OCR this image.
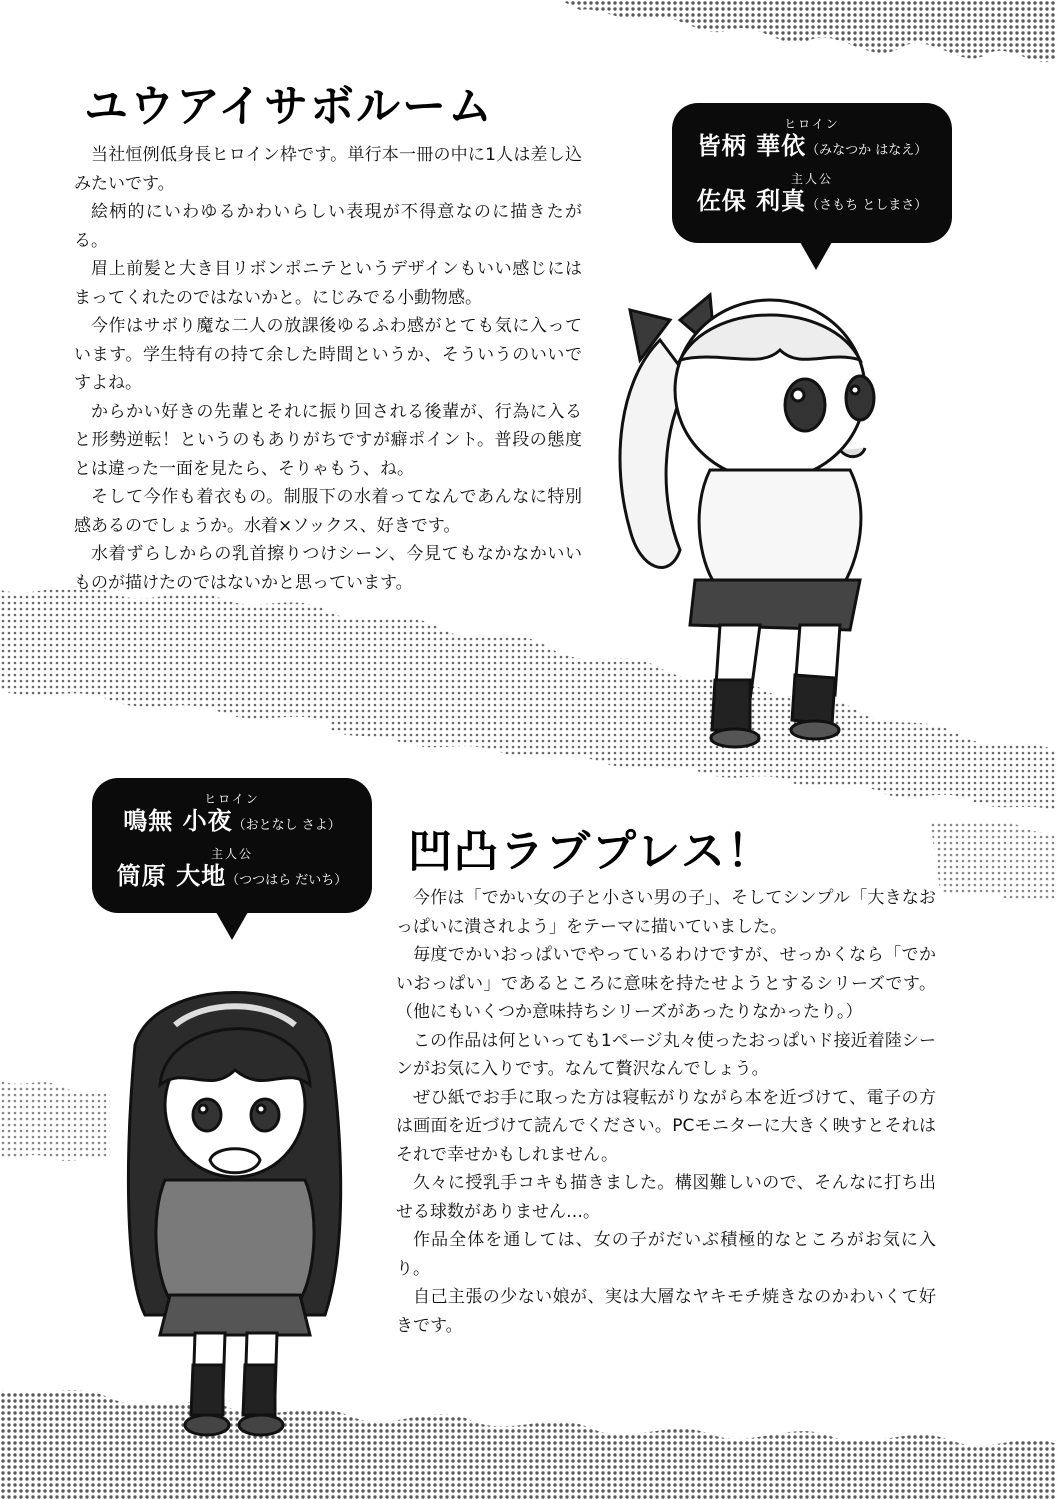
ユウアイサボルーム

当社恒例低身長ヒロイン枠です。単行本一冊の中に1人は差し込みたいです。

絵柄的にいわゆるかわいらしい表現が不得意なのに描きたがる。

眉上前髪と大き目リボンポニテというデザインもいい感じにはまってくれたのではないかと。にじみでる小動物感。

今作はサボり魔な二人の放課後ゆるふわ感がとても気に入っています。学生特有の持て余した時間というか、そういうのいいですよね。

からかい好きの先輩とそれに振り回される後輩が、行為に入ると形勢逆転！というのもありがちですが癖ポイント。普段の態度とは違った一面を見たら、そりゃもう、ね。

そして今作も着衣もの。制服下の水着ってなんであんなに特別感あるのでしょうか。水着×ソックス、好きです。

水着ずらしからの乳首擦りつけシーン、今見てもなかなかいいものが描けたのではないかと思っています。

ヒロイン
皆柄 華依（みなつか はなえ）
主人公
佐保 利真（さもち としまさ）
ヒロイン
鳴無 小夜（おとなし さよ）
主人公
筒原 大地（つつはら だいち）
凹凸ラブプレス！

今作は「でかい女の子と小さい男の子」、そしてシンプル「大きなおっぱいに潰されよう」をテーマに描いていました。

毎度でかいおっぱいでやっているわけですが、せっかくなら「でかいおっぱい」であるところに意味を持たせようとするシリーズです。（他にもいくつか意味持ちシリーズがあったりなかったり。）

この作品は何といっても1ページ丸々使ったおっぱいド接近着陸シーンがお気に入りです。なんて贅沢なんでしょう。

ぜひ紙でお手に取った方は寝転がりながら本を近づけて、電子の方は画面を近づけて読んでください。PCモニターに大きく映すとそれはそれで幸せかもしれません。

久々に授乳手コキも描きました。構図難しいので、そんなに打ち出せる球数がありません…。

作品全体を通しては、女の子がだいぶ積極的なところがお気に入り。

自己主張の少ない娘が、実は大層なヤキモチ焼きなのかわいくて好きです。
